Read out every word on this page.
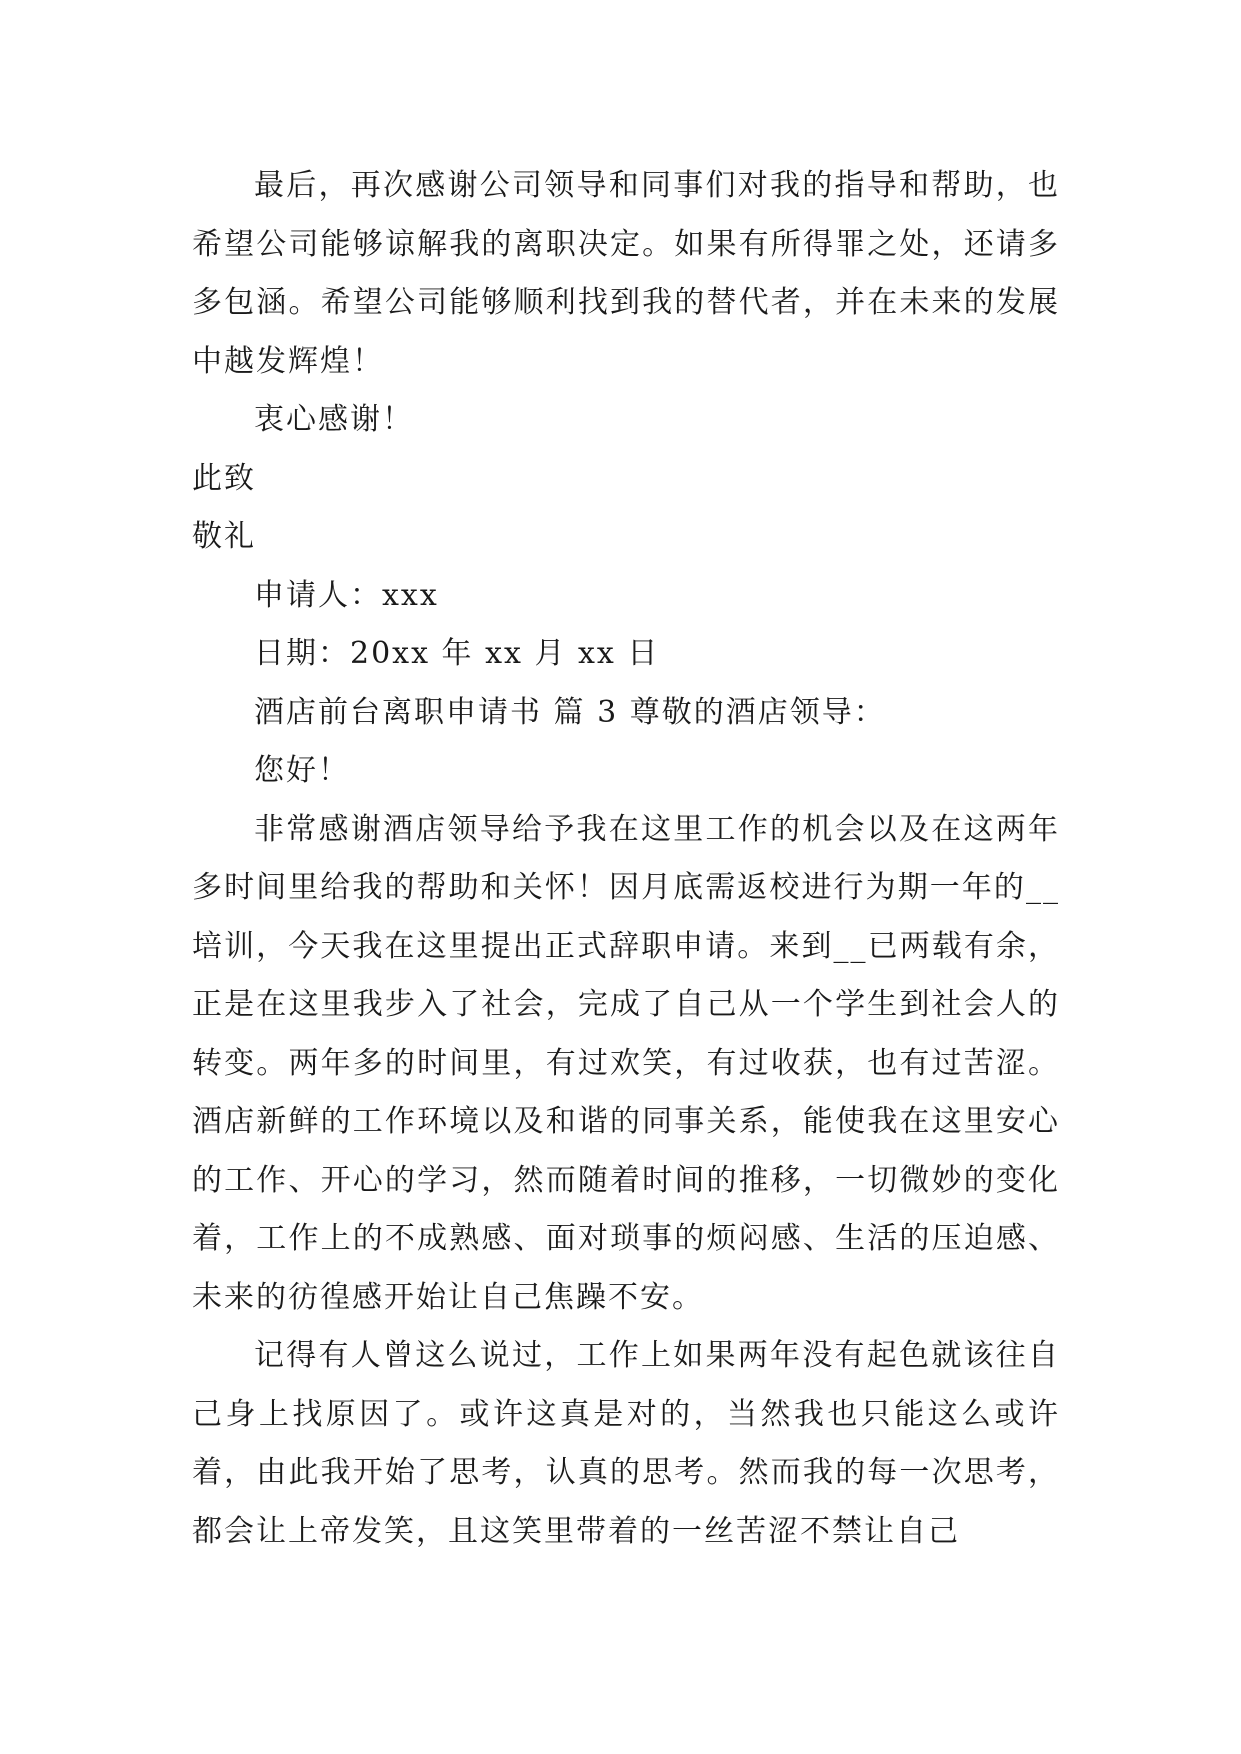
最后，再次感谢公司领导和同事们对我的指导和帮助，也希望公司能够谅解我的离职决定。如果有所得罪之处，还请多多包涵。希望公司能够顺利找到我的替代者，并在未来的发展中越发辉煌！

衷心感谢！

此致

敬礼

申请人：xxx

日期：20xx 年 xx 月 xx 日

酒店前台离职申请书 篇 3 尊敬的酒店领导：

您好！

非常感谢酒店领导给予我在这里工作的机会以及在这两年多时间里给我的帮助和关怀！因月底需返校进行为期一年的__培训，今天我在这里提出正式辞职申请。来到__已两载有余，正是在这里我步入了社会，完成了自己从一个学生到社会人的转变。两年多的时间里，有过欢笑，有过收获，也有过苦涩。酒店新鲜的工作环境以及和谐的同事关系，能使我在这里安心的工作、开心的学习，然而随着时间的推移，一切微妙的变化着，工作上的不成熟感、面对琐事的烦闷感、生活的压迫感、未来的彷徨感开始让自己焦躁不安。

记得有人曾这么说过，工作上如果两年没有起色就该往自己身上找原因了。或许这真是对的，当然我也只能这么或许着，由此我开始了思考，认真的思考。然而我的每一次思考，都会让上帝发笑，且这笑里带着的一丝苦涩不禁让自己
